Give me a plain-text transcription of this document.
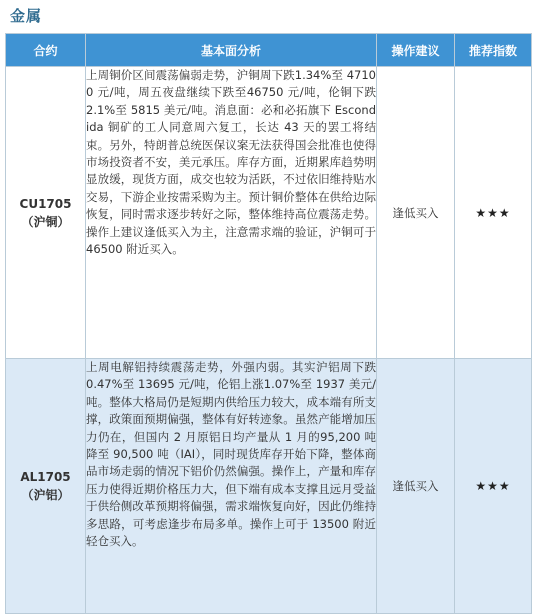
金属
合约	基本面分析	操作建议	推荐指数

CU1705
（沪铜）	上周铜价区间震荡偏弱走势，沪铜周下跌1.34%至 47100 元/吨，周五夜盘继续下跌至46750 元/吨，伦铜下跌 2.1%至 5815 美元/吨。消息面：必和必拓旗下 Escondida 铜矿的工人同意周六复工，长达 43 天的罢工将结束。另外，特朗普总统医保议案无法获得国会批准也使得市场投资者不安，美元承压。库存方面，近期累库趋势明显放缓，现货方面，成交也较为活跃，不过依旧维持贴水交易，下游企业按需采购为主。预计铜价整体在供给边际恢复，同时需求逐步转好之际，整体维持高位震荡走势。操作上建议逢低买入为主，注意需求端的验证，沪铜可于 46500 附近买入。	逢低买入	★★★

AL1705
（沪铝）	上周电解铝持续震荡走势，外强内弱。其实沪铝周下跌 0.47%至 13695 元/吨，伦铝上涨1.07%至 1937 美元/吨。整体大格局仍是短期内供给压力较大，成本端有所支撑，政策面预期偏强，整体有好转迹象。虽然产能增加压力仍在，但国内 2 月原铝日均产量从 1 月的95,200 吨降至 90,500 吨（IAI），同时现货库存开始下降，整体商品市场走弱的情况下铝价仍然偏强。操作上，产量和库存压力使得近期价格压力大，但下端有成本支撑且远月受益于供给侧改革预期将偏强，需求端恢复向好，因此仍维持多思路，可考虑逢步布局多单。操作上可于 13500 附近轻仓买入。	逢低买入	★★★
